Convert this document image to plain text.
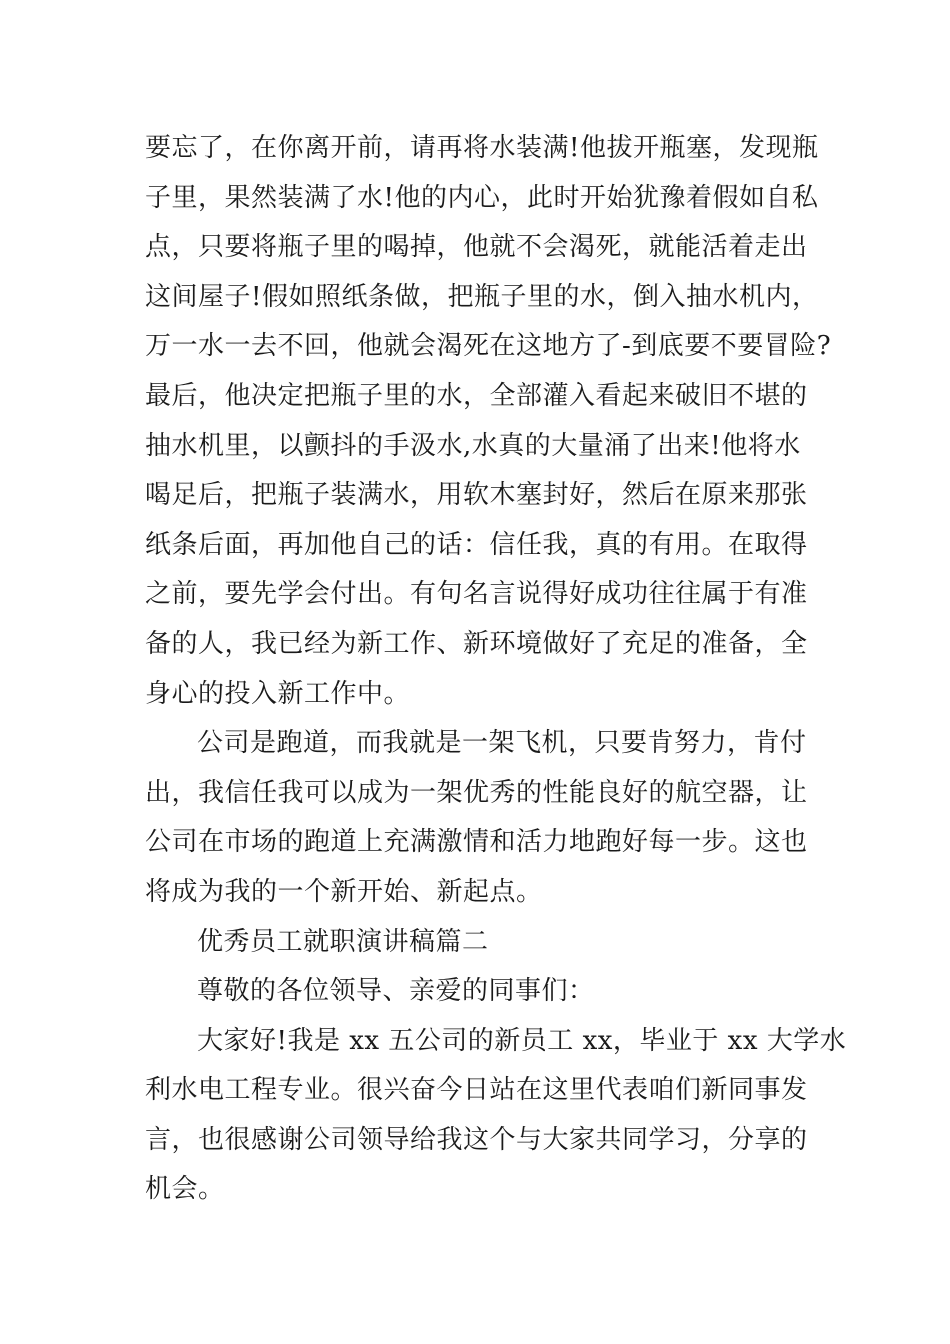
要忘了，在你离开前，请再将水装满!他拔开瓶塞，发现瓶
子里，果然装满了水!他的内心，此时开始犹豫着假如自私
点，只要将瓶子里的喝掉，他就不会渴死，就能活着走出
这间屋子!假如照纸条做，把瓶子里的水，倒入抽水机内，
万一水一去不回，他就会渴死在这地方了-到底要不要冒险?
最后，他决定把瓶子里的水，全部灌入看起来破旧不堪的
抽水机里，以颤抖的手汲水,水真的大量涌了出来!他将水
喝足后，把瓶子装满水，用软木塞封好，然后在原来那张
纸条后面，再加他自己的话：信任我，真的有用。在取得
之前，要先学会付出。有句名言说得好成功往往属于有准
备的人，我已经为新工作、新环境做好了充足的准备，全
身心的投入新工作中。
公司是跑道，而我就是一架飞机，只要肯努力，肯付
出，我信任我可以成为一架优秀的性能良好的航空器，让
公司在市场的跑道上充满激情和活力地跑好每一步。这也
将成为我的一个新开始、新起点。
优秀员工就职演讲稿篇二
尊敬的各位领导、亲爱的同事们：
大家好!我是 xx 五公司的新员工 xx，毕业于 xx 大学水
利水电工程专业。很兴奋今日站在这里代表咱们新同事发
言，也很感谢公司领导给我这个与大家共同学习，分享的
机会。
